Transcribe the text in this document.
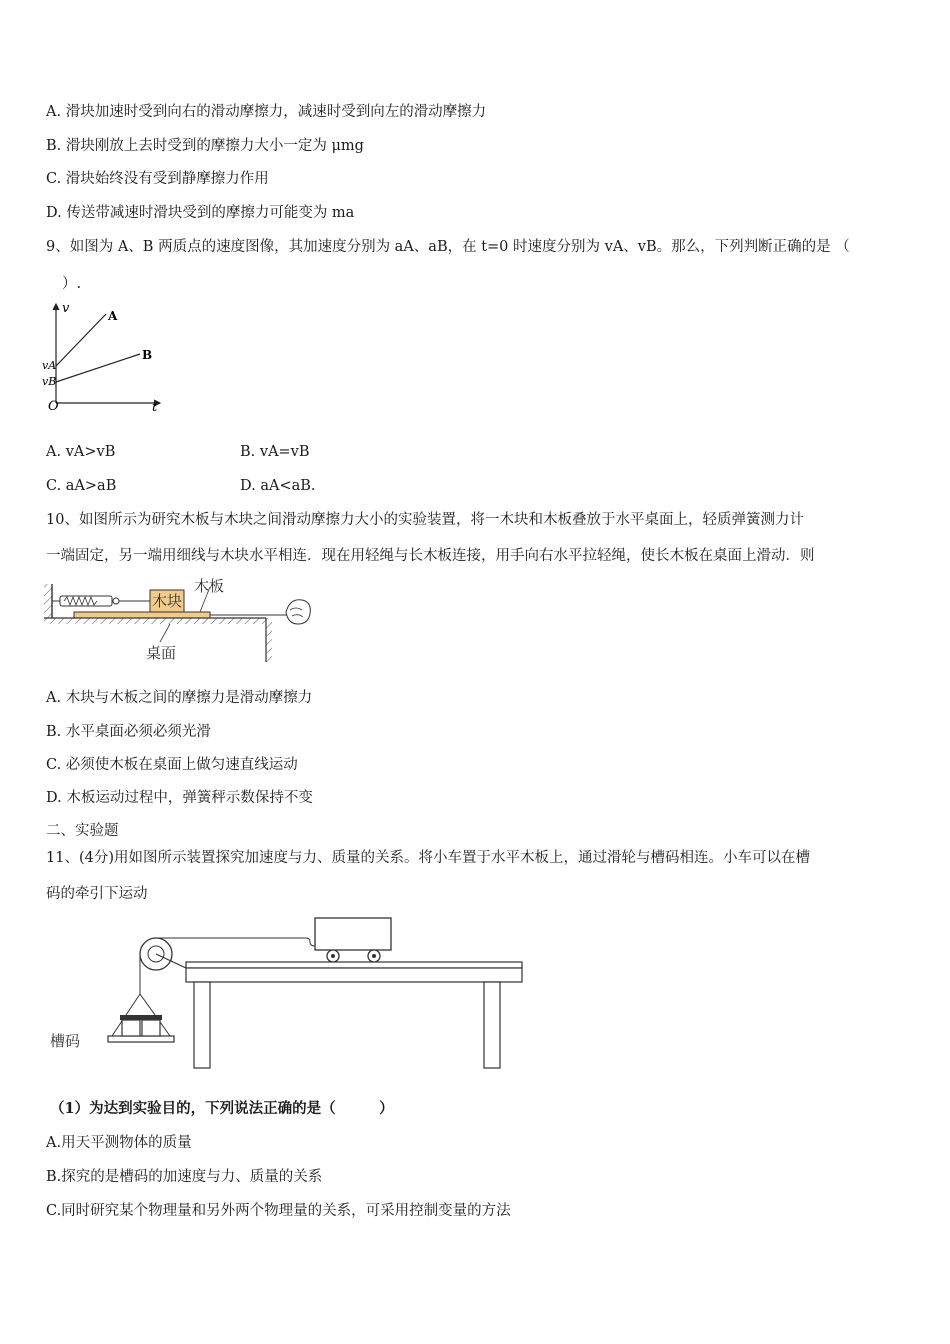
A. 滑块加速时受到向右的滑动摩擦力，减速时受到向左的滑动摩擦力
B. 滑块刚放上去时受到的摩擦力大小一定为 μmg
C. 滑块始终没有受到静摩擦力作用
D. 传送带减速时滑块受到的摩擦力可能变为 ma
9、如图为 A、B 两质点的速度图像，其加速度分别为 aA、aB，在 t=0 时速度分别为 vA、vB。那么，下列判断正确的是 （
）.
v
t
O
vA
vB
A
B
A. vA>vB	B. vA=vB
C. aA>aB	D. aA<aB.
10、如图所示为研究木板与木块之间滑动摩擦力大小的实验装置，将一木块和木板叠放于水平桌面上，轻质弹簧测力计
一端固定，另一端用细线与木块水平相连．现在用轻绳与长木板连接，用手向右水平拉轻绳，使长木板在桌面上滑动．则
木块
木板
桌面
A. 木块与木板之间的摩擦力是滑动摩擦力
B. 水平桌面必须必须光滑
C. 必须使木板在桌面上做匀速直线运动
D. 木板运动过程中，弹簧秤示数保持不变
二、实验题
11、(4分)用如图所示装置探究加速度与力、质量的关系。将小车置于水平木板上，通过滑轮与槽码相连。小车可以在槽
码的牵引下运动
槽码
（1）为达到实验目的，下列说法正确的是（　　　）
A.用天平测物体的质量
B.探究的是槽码的加速度与力、质量的关系
C.同时研究某个物理量和另外两个物理量的关系，可采用控制变量的方法
